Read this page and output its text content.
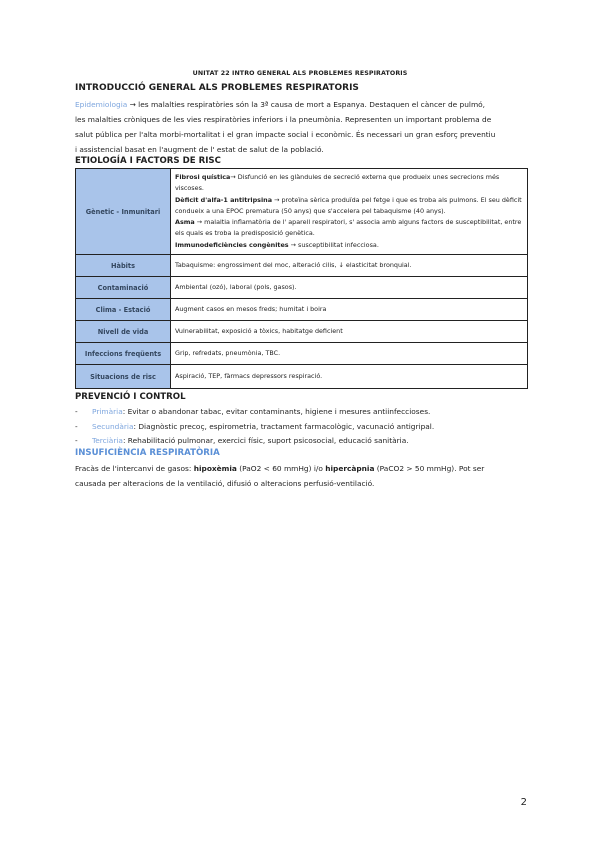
UNITAT 22 INTRO GENERAL ALS PROBLEMES RESPIRATORIS
INTRODUCCIÓ GENERAL ALS PROBLEMES RESPIRATORIS

Epidemiologia → les malalties respiratòries són la 3ª causa de mort a Espanya. Destaquen el càncer de pulmó,

les malalties cròniques de les vies respiratòries inferiors i la pneumònia. Representen un important problema de

salut pública per l'alta morbi-mortalitat i el gran impacte social i econòmic. És necessari un gran esforç preventiu

i assistencial basat en l'augment de l' estat de salut de la població.

ETIOLOGÍA I FACTORS DE RISC
Gènetic - Inmunitari	Fibrosi quística→ Disfunció en les glàndules de secreció externa que produeix unes secrecions més viscoses.
Dèficit d'alfa-1 antitripsina → proteïna sèrica produïda pel fetge i que es troba als pulmons. El seu dèficit condueix a una EPOC prematura (50 anys) que s'accelera pel tabaquisme (40 anys).
Asma → malaltia inflamatòria de l' aparell respiratori, s' associa amb alguns factors de susceptibilitat, entre els quals es troba la predisposició genètica.
Immunodeficiències congènites → susceptibilitat infecciosa.

Hàbits	Tabaquisme: engrossiment del moc, alteració cilis, ↓ elasticitat bronquial.
Contaminació	Ambiental (ozó), laboral (pols, gasos).
Clima - Estació	Augment casos en mesos freds; humitat i boira
Nivell de vida	Vulnerabilitat, exposició a tòxics, habitatge deficient
Infeccions freqüents	Grip, refredats, pneumònia, TBC.
Situacions de risc	Aspiració, TEP, fàrmacs depressors respiració.
PREVENCIÓ I CONTROL
- Primària: Evitar o abandonar tabac, evitar contaminants, higiene i mesures antiinfeccioses.
- Secundària: Diagnòstic precoç, espirometria, tractament farmacològic, vacunació antigripal.
- Terciària: Rehabilitació pulmonar, exercici físic, suport psicosocial, educació sanitària.
INSUFICIÈNCIA RESPIRATÒRIA

Fracàs de l'intercanvi de gasos: hipoxèmia (PaO2 < 60 mmHg) i/o hipercàpnia (PaCO2 > 50 mmHg). Pot ser

causada per alteracions de la ventilació, difusió o alteracions perfusió-ventilació.

2
